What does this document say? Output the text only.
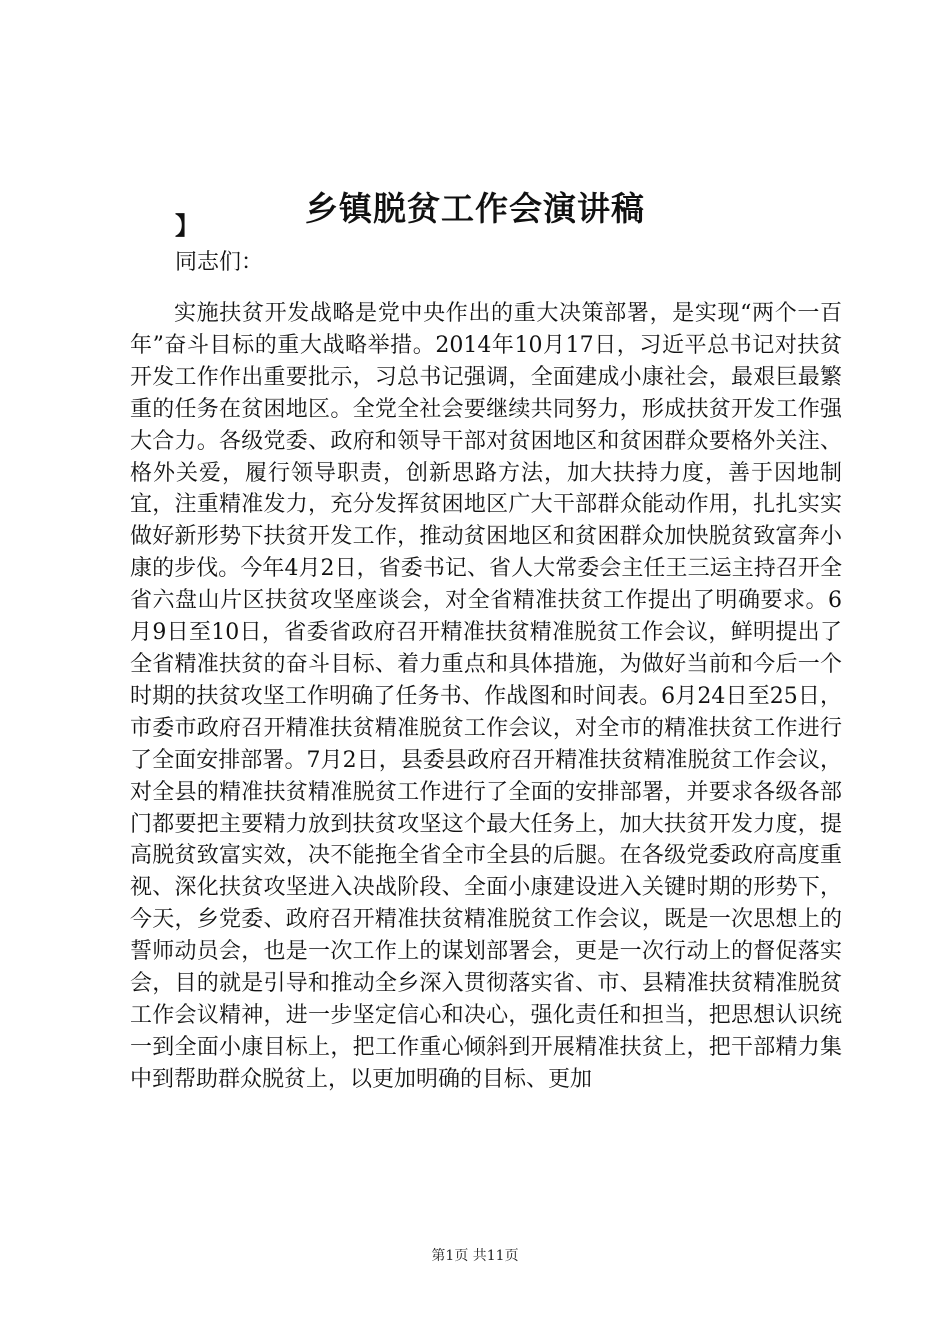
乡镇脱贫工作会演讲稿
】

同志们：

实施扶贫开发战略是党中央作出的重大决策部署，是实现“两个一百年”奋斗目标的重大战略举措。2014年10月17日，习近平总书记对扶贫开发工作作出重要批示，习总书记强调，全面建成小康社会，最艰巨最繁重的任务在贫困地区。全党全社会要继续共同努力，形成扶贫开发工作强大合力。各级党委、政府和领导干部对贫困地区和贫困群众要格外关注、格外关爱，履行领导职责，创新思路方法，加大扶持力度，善于因地制宜，注重精准发力，充分发挥贫困地区广大干部群众能动作用，扎扎实实做好新形势下扶贫开发工作，推动贫困地区和贫困群众加快脱贫致富奔小康的步伐。今年4月2日，省委书记、省人大常委会主任王三运主持召开全省六盘山片区扶贫攻坚座谈会，对全省精准扶贫工作提出了明确要求。6月9日至10日，省委省政府召开精准扶贫精准脱贫工作会议，鲜明提出了全省精准扶贫的奋斗目标、着力重点和具体措施，为做好当前和今后一个时期的扶贫攻坚工作明确了任务书、作战图和时间表。6月24日至25日，市委市政府召开精准扶贫精准脱贫工作会议，对全市的精准扶贫工作进行了全面安排部署。7月2日，县委县政府召开精准扶贫精准脱贫工作会议，对全县的精准扶贫精准脱贫工作进行了全面的安排部署，并要求各级各部门都要把主要精力放到扶贫攻坚这个最大任务上，加大扶贫开发力度，提高脱贫致富实效，决不能拖全省全市全县的后腿。在各级党委政府高度重视、深化扶贫攻坚进入决战阶段、全面小康建设进入关键时期的形势下，今天，乡党委、政府召开精准扶贫精准脱贫工作会议，既是一次思想上的誓师动员会，也是一次工作上的谋划部署会，更是一次行动上的督促落实会，目的就是引导和推动全乡深入贯彻落实省、市、县精准扶贫精准脱贫工作会议精神，进一步坚定信心和决心，强化责任和担当，把思想认识统一到全面小康目标上，把工作重心倾斜到开展精准扶贫上，把干部精力集中到帮助群众脱贫上，以更加明确的目标、更加

第1页 共11页
